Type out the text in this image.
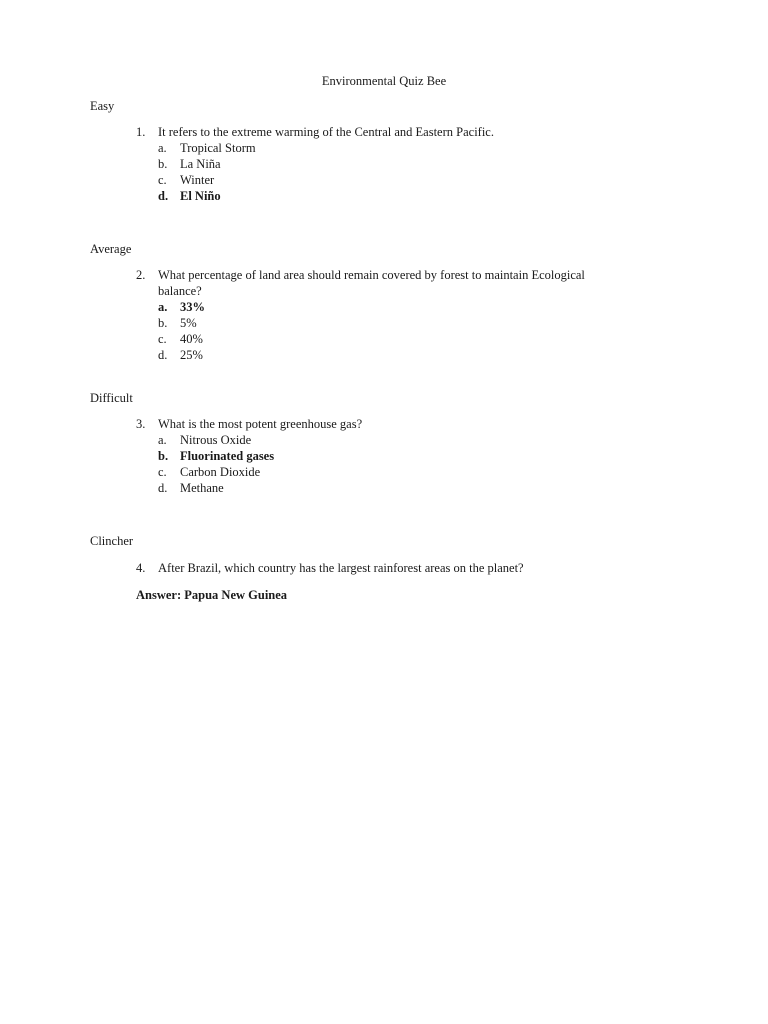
Environmental Quiz Bee
Easy
1.	It refers to the extreme warming of the Central and Eastern Pacific.
a.	Tropical Storm
b.	La Niña
c.	Winter
d. El Niño
Average
2.	What percentage of land area should remain covered by forest to maintain Ecological
balance?
a.	33%
b.	5%
c.	40%
d.	25%
Difficult
3.	What is the most potent greenhouse gas?
a.	Nitrous Oxide
b. Fluorinated gases
c.	Carbon Dioxide
d.	Methane
Clincher
4.	After Brazil, which country has the largest rainforest areas on the planet?
Answer: Papua New Guinea
